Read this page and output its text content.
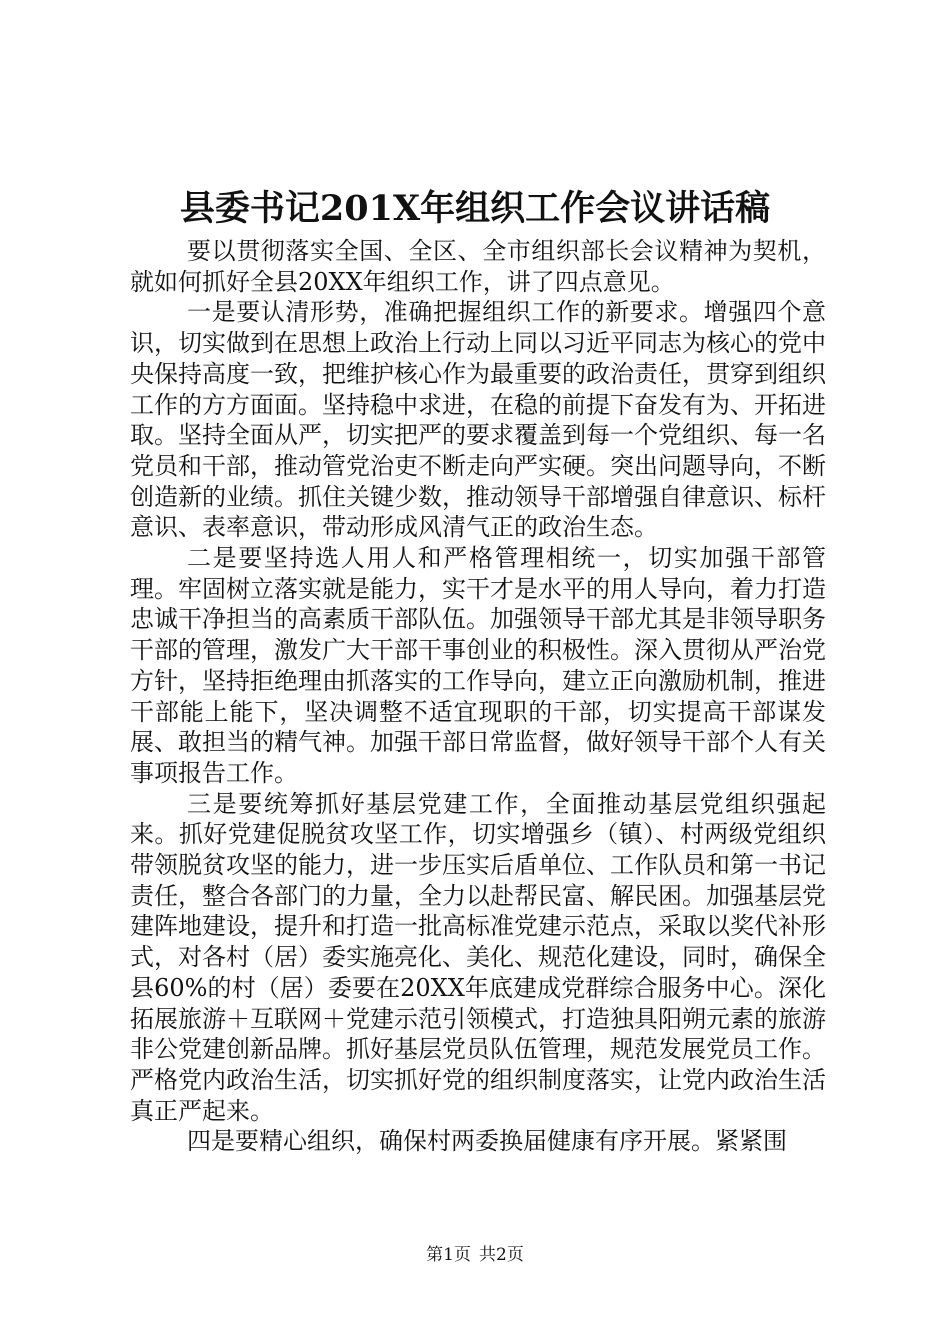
县委书记201X年组织工作会议讲话稿

要以贯彻落实全国、全区、全市组织部长会议精神为契机，就如何抓好全县20XX年组织工作，讲了四点意见。

一是要认清形势，准确把握组织工作的新要求。增强四个意识，切实做到在思想上政治上行动上同以习近平同志为核心的党中央保持高度一致，把维护核心作为最重要的政治责任，贯穿到组织工作的方方面面。坚持稳中求进，在稳的前提下奋发有为、开拓进取。坚持全面从严，切实把严的要求覆盖到每一个党组织、每一名党员和干部，推动管党治吏不断走向严实硬。突出问题导向，不断创造新的业绩。抓住关键少数，推动领导干部增强自律意识、标杆意识、表率意识，带动形成风清气正的政治生态。

二是要坚持选人用人和严格管理相统一，切实加强干部管理。牢固树立落实就是能力，实干才是水平的用人导向，着力打造忠诚干净担当的高素质干部队伍。加强领导干部尤其是非领导职务干部的管理，激发广大干部干事创业的积极性。深入贯彻从严治党方针，坚持拒绝理由抓落实的工作导向，建立正向激励机制，推进干部能上能下，坚决调整不适宜现职的干部，切实提高干部谋发展、敢担当的精气神。加强干部日常监督，做好领导干部个人有关事项报告工作。

三是要统筹抓好基层党建工作，全面推动基层党组织强起来。抓好党建促脱贫攻坚工作，切实增强乡（镇）、村两级党组织带领脱贫攻坚的能力，进一步压实后盾单位、工作队员和第一书记责任，整合各部门的力量，全力以赴帮民富、解民困。加强基层党建阵地建设，提升和打造一批高标准党建示范点，采取以奖代补形式，对各村（居）委实施亮化、美化、规范化建设，同时，确保全县60%的村（居）委要在20XX年底建成党群综合服务中心。深化拓展旅游＋互联网＋党建示范引领模式，打造独具阳朔元素的旅游非公党建创新品牌。抓好基层党员队伍管理，规范发展党员工作。严格党内政治生活，切实抓好党的组织制度落实，让党内政治生活真正严起来。

四是要精心组织，确保村两委换届健康有序开展。紧紧围

第1页 共2页
